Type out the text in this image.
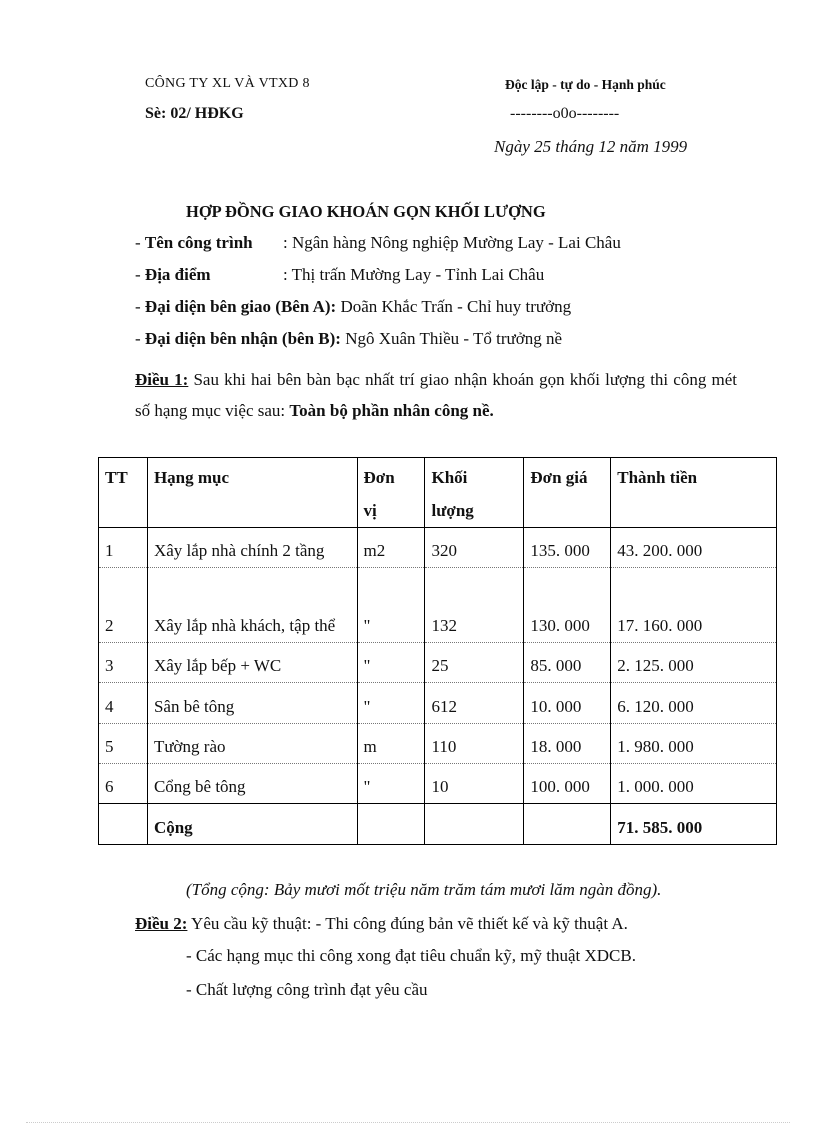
CÔNG TY XL VÀ VTXD 8
Sè: 02/ HĐKG
Độc lập - tự do - Hạnh phúc
--------o0o--------
Ngày 25 tháng 12 năm 1999
HỢP ĐỒNG GIAO KHOÁN GỌN KHỐI LƯỢNG
- Tên công trình : Ngân hàng Nông nghiệp Mường Lay - Lai Châu
- Địa điểm	: Thị trấn Mường Lay - Tỉnh Lai Châu
- Đại diện bên giao (Bên A): Doãn Khắc Trấn - Chỉ huy trưởng
- Đại diện bên nhận (bên B): Ngô Xuân Thiều - Tổ trưởng nề
Điều 1: Sau khi hai bên bàn bạc nhất trí giao nhận khoán gọn khối lượng thi công mét số hạng mục việc sau: Toàn bộ phần nhân công nề.
TT	Hạng mục	Đơn vị	Khối lượng	Đơn giá	Thành tiền
1	Xây lắp nhà chính 2 tầng	m2	320	135. 000	43. 200. 000
2	Xây lắp nhà khách, tập thể	"	132	130. 000	17. 160. 000
3	Xây lắp bếp + WC	"	25	85. 000	2. 125. 000
4	Sân bê tông	"	612	10. 000	6. 120. 000
5	Tường rào	m	110	18. 000	1. 980. 000
6	Cổng bê tông	"	10	100. 000	1. 000. 000
	Cộng				71. 585. 000
(Tổng cộng: Bảy mươi mốt triệu năm trăm tám mươi lăm ngàn đồng).
Điều 2: Yêu cầu kỹ thuật: - Thi công đúng bản vẽ thiết kế và kỹ thuật A.
- Các hạng mục thi công xong đạt tiêu chuẩn kỹ, mỹ thuật XDCB.
- Chất lượng công trình đạt yêu cầu
